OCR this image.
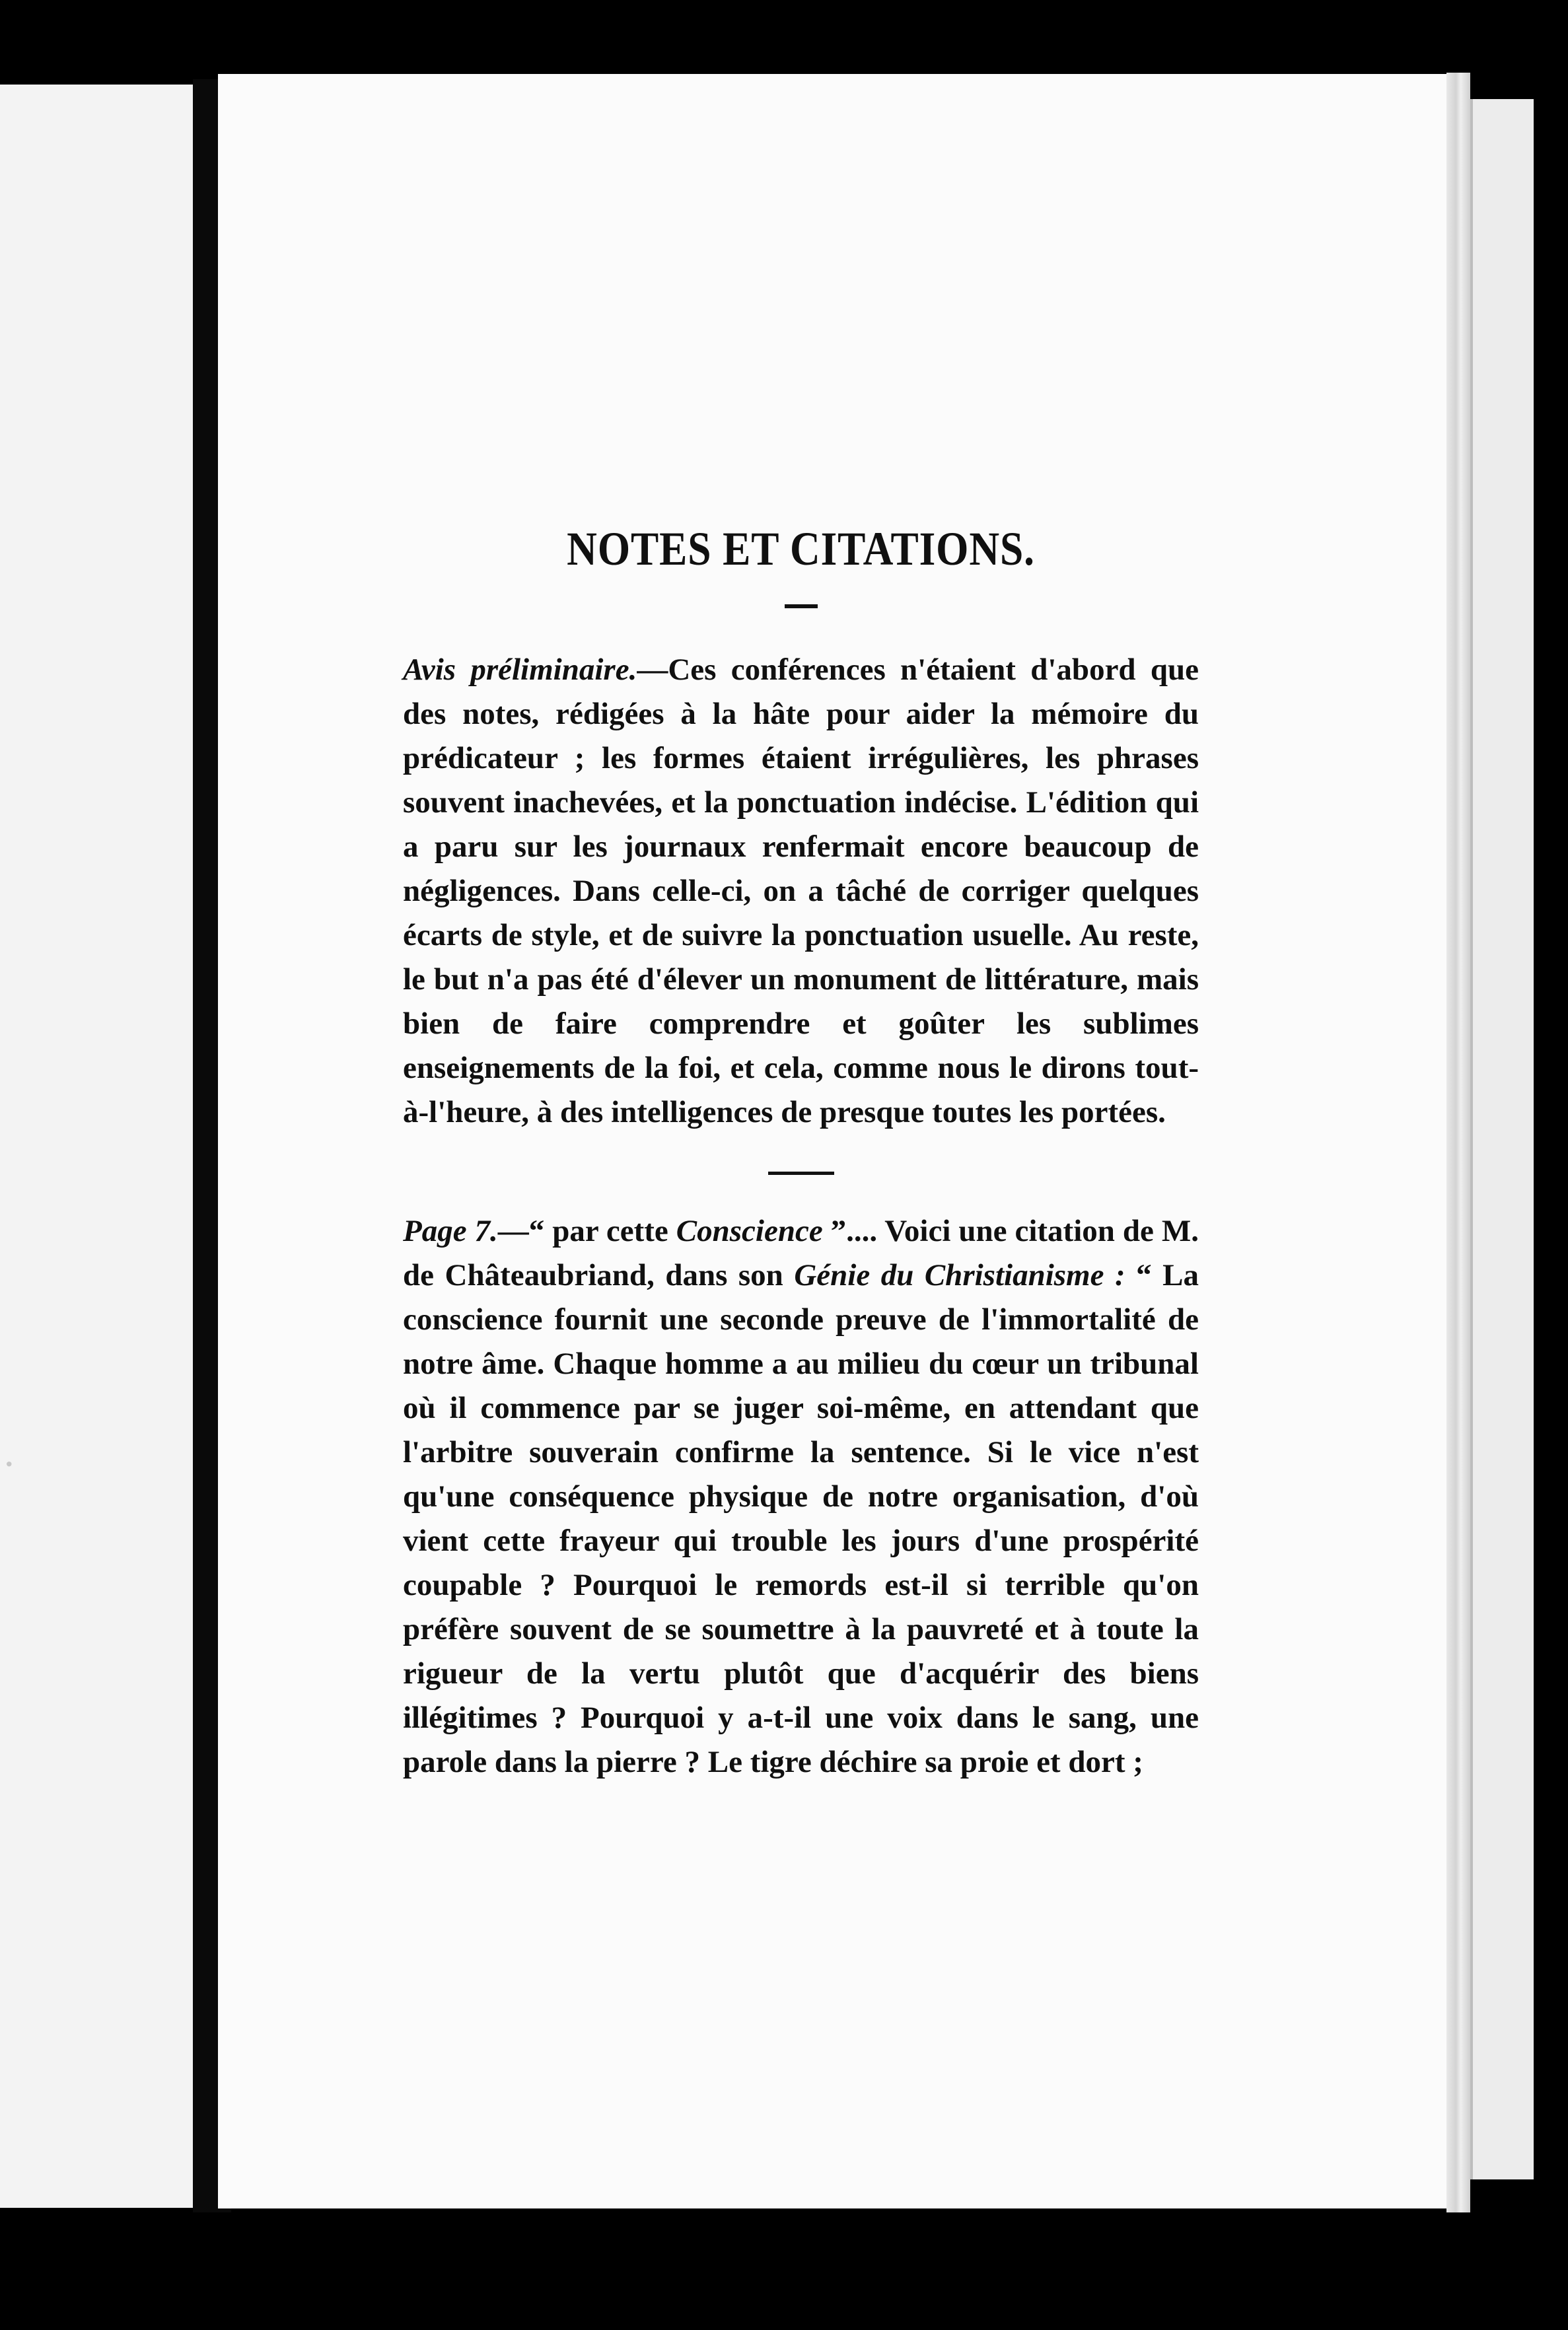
.
NOTES ET CITATIONS.

Avis préliminaire.—Ces conférences n'étaient d'abord que des notes, rédigées à la hâte pour aider la mémoire du prédicateur ; les formes étaient irrégulières, les phrases souvent inachevées, et la ponctuation indécise. L'édition qui a paru sur les journaux renfermait encore beaucoup de négligences. Dans celle-ci, on a tâché de corriger quelques écarts de style, et de suivre la ponctuation usuelle. Au reste, le but n'a pas été d'élever un monument de littérature, mais bien de faire comprendre et goûter les sublimes enseignements de la foi, et cela, comme nous le dirons tout-à-l'heure, à des intelligences de presque toutes les portées.

Page 7.—“ par cette Conscience ”.... Voici une citation de M. de Châteaubriand, dans son Génie du Christianisme : “ La conscience fournit une seconde preuve de l'immortalité de notre âme. Chaque homme a au milieu du cœur un tribunal où il commence par se juger soi-même, en attendant que l'arbitre souverain confirme la sentence. Si le vice n'est qu'une conséquence physique de notre organisation, d'où vient cette frayeur qui trouble les jours d'une prospérité coupable ? Pourquoi le remords est-il si terrible qu'on préfère souvent de se soumettre à la pauvreté et à toute la rigueur de la vertu plutôt que d'acquérir des biens illégitimes ? Pourquoi y a-t-il une voix dans le sang, une parole dans la pierre ? Le tigre déchire sa proie et dort ;
